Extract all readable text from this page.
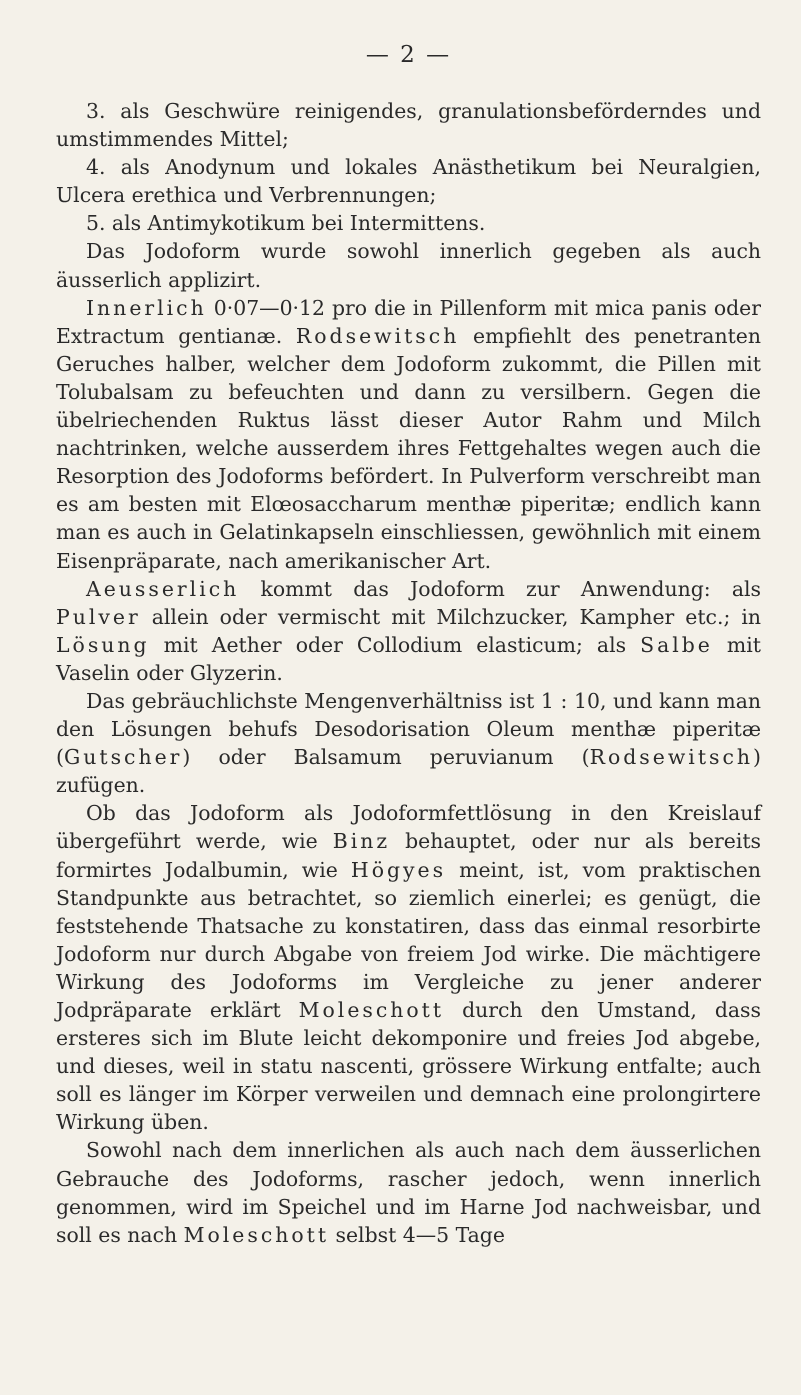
— 2 —

3. als Geschwüre reinigendes, granulationsbeförderndes und umstimmendes Mittel;

4. als Anodynum und lokales Anästhetikum bei Neuralgien, Ulcera erethica und Verbrennungen;

5. als Antimykotikum bei Intermittens.

Das Jodoform wurde sowohl innerlich gegeben als auch äusserlich applizirt.

Innerlich 0·07—0·12 pro die in Pillenform mit mica panis oder Extractum gentianæ. Rodsewitsch empfiehlt des penetranten Geruches halber, welcher dem Jodoform zukommt, die Pillen mit Tolubalsam zu befeuchten und dann zu versilbern. Gegen die übelriechenden Ruktus lässt dieser Autor Rahm und Milch nachtrinken, welche ausserdem ihres Fettgehaltes wegen auch die Resorption des Jodoforms befördert. In Pulverform verschreibt man es am besten mit Elœosaccharum menthæ piperitæ; endlich kann man es auch in Gelatinkapseln einschliessen, gewöhnlich mit einem Eisenpräparate, nach amerikanischer Art.

Aeusserlich kommt das Jodoform zur Anwendung: als Pulver allein oder vermischt mit Milchzucker, Kampher etc.; in Lösung mit Aether oder Collodium elasticum; als Salbe mit Vaselin oder Glyzerin.

Das gebräuchlichste Mengenverhältniss ist 1 : 10, und kann man den Lösungen behufs Desodorisation Oleum menthæ piperitæ (Gutscher) oder Balsamum peruvianum (Rodsewitsch) zufügen.

Ob das Jodoform als Jodoformfettlösung in den Kreislauf übergeführt werde, wie Binz behauptet, oder nur als bereits formirtes Jodalbumin, wie Högyes meint, ist, vom praktischen Standpunkte aus betrachtet, so ziemlich einerlei; es genügt, die feststehende Thatsache zu konstatiren, dass das einmal resorbirte Jodoform nur durch Abgabe von freiem Jod wirke. Die mächtigere Wirkung des Jodoforms im Vergleiche zu jener anderer Jodpräparate erklärt Moleschott durch den Umstand, dass ersteres sich im Blute leicht dekomponire und freies Jod abgebe, und dieses, weil in statu nascenti, grössere Wirkung entfalte; auch soll es länger im Körper verweilen und demnach eine prolongirtere Wirkung üben.

Sowohl nach dem innerlichen als auch nach dem äusserlichen Gebrauche des Jodoforms, rascher jedoch, wenn innerlich genommen, wird im Speichel und im Harne Jod nachweisbar, und soll es nach Moleschott selbst 4—5 Tage
